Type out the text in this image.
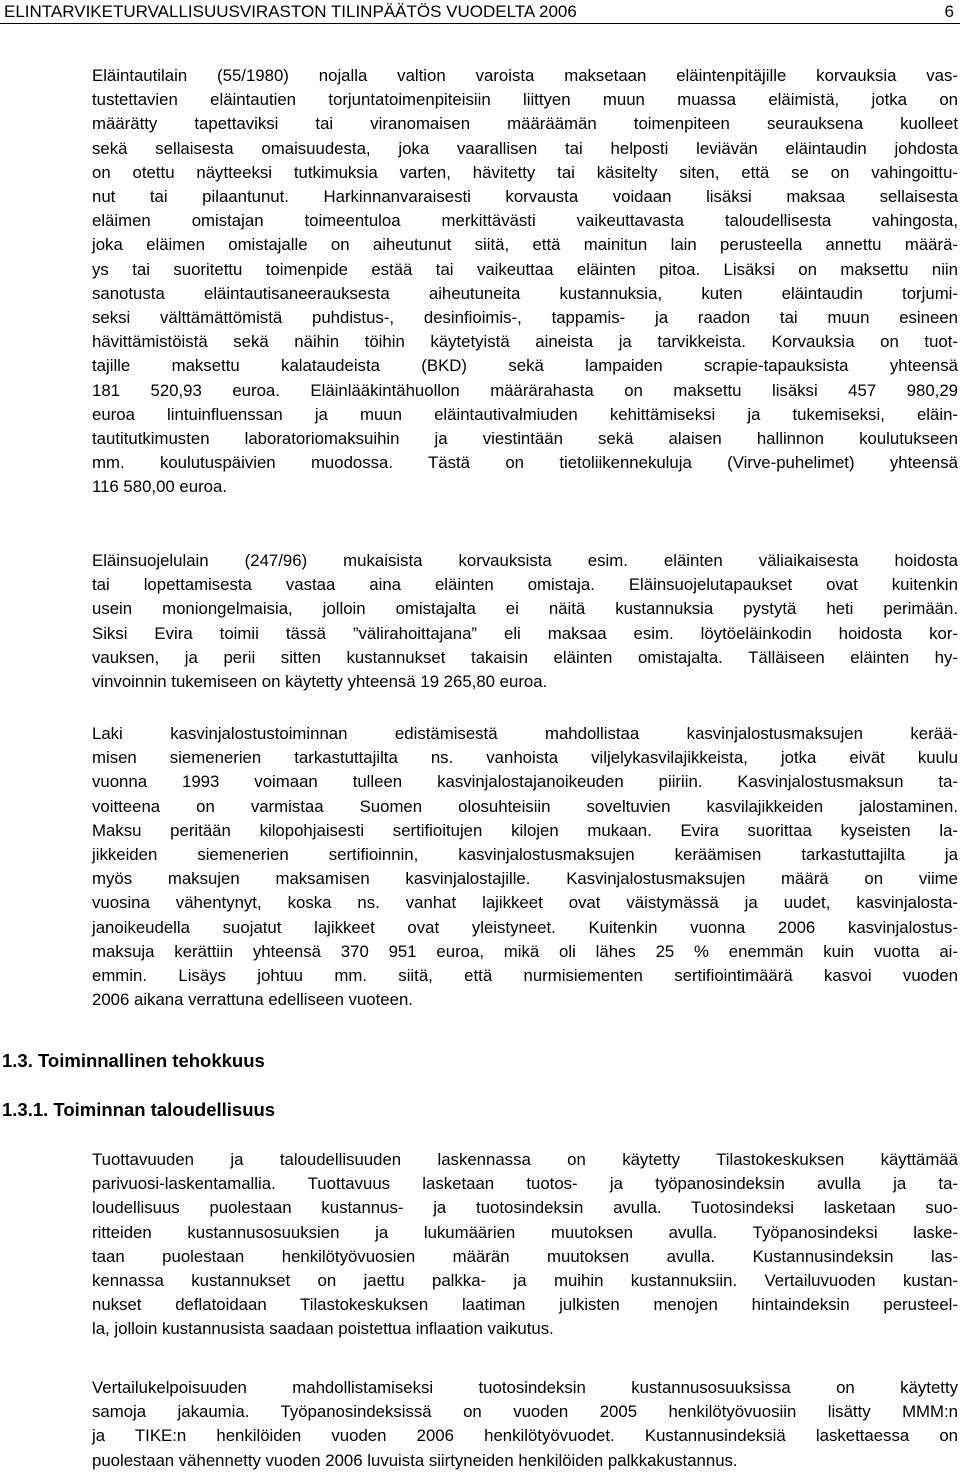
ELINTARVIKETURVALLISUUSVIRASTON TILINPÄÄTÖS VUODELTA 2006	6
Eläintautilain (55/1980) nojalla valtion varoista maksetaan eläintenpitäjille korvauksia vas-
tustettavien eläintautien torjuntatoimenpiteisiin liittyen muun muassa eläimistä, jotka on
määrätty tapettaviksi tai viranomaisen määräämän toimenpiteen seurauksena kuolleet
sekä sellaisesta omaisuudesta, joka vaarallisen tai helposti leviävän eläintaudin johdosta
on otettu näytteeksi tutkimuksia varten, hävitetty tai käsitelty siten, että se on vahingoittu-
nut tai pilaantunut. Harkinnanvaraisesti korvausta voidaan lisäksi maksaa sellaisesta
eläimen omistajan toimeentuloa merkittävästi vaikeuttavasta taloudellisesta vahingosta,
joka eläimen omistajalle on aiheutunut siitä, että mainitun lain perusteella annettu määrä-
ys tai suoritettu toimenpide estää tai vaikeuttaa eläinten pitoa. Lisäksi on maksettu niin
sanotusta eläintautisaneerauksesta aiheutuneita kustannuksia, kuten eläintaudin torjumi-
seksi välttämättömistä puhdistus-, desinfioimis-, tappamis- ja raadon tai muun esineen
hävittämistöistä sekä näihin töihin käytetyistä aineista ja tarvikkeista. Korvauksia on tuot-
tajille maksettu kalataudeista (BKD) sekä lampaiden scrapie-tapauksista yhteensä
181 520,93 euroa. Eläinlääkintähuollon määrärahasta on maksettu lisäksi 457 980,29
euroa lintuinfluenssan ja muun eläintautivalmiuden kehittämiseksi ja tukemiseksi, eläin-
tautitutkimusten laboratoriomaksuihin ja viestintään sekä alaisen hallinnon koulutukseen
mm. koulutuspäivien muodossa. Tästä on tietoliikennekuluja (Virve-puhelimet) yhteensä
116 580,00 euroa.
Eläinsuojelulain (247/96) mukaisista korvauksista esim. eläinten väliaikaisesta hoidosta
tai lopettamisesta vastaa aina eläinten omistaja. Eläinsuojelutapaukset ovat kuitenkin
usein moniongelmaisia, jolloin omistajalta ei näitä kustannuksia pystytä heti perimään.
Siksi Evira toimii tässä ”välirahoittajana” eli maksaa esim. löytöeläinkodin hoidosta kor-
vauksen, ja perii sitten kustannukset takaisin eläinten omistajalta. Tälläiseen eläinten hy-
vinvoinnin tukemiseen on käytetty yhteensä 19 265,80 euroa.
Laki kasvinjalostustoiminnan edistämisestä mahdollistaa kasvinjalostusmaksujen kerää-
misen siemenerien tarkastuttajilta ns. vanhoista viljelykasvilajikkeista, jotka eivät kuulu
vuonna 1993 voimaan tulleen kasvinjalostajanoikeuden piiriin. Kasvinjalostusmaksun ta-
voitteena on varmistaa Suomen olosuhteisiin soveltuvien kasvilajikkeiden jalostaminen.
Maksu peritään kilopohjaisesti sertifioitujen kilojen mukaan. Evira suorittaa kyseisten la-
jikkeiden siemenerien sertifioinnin, kasvinjalostusmaksujen keräämisen tarkastuttajilta ja
myös maksujen maksamisen kasvinjalostajille. Kasvinjalostusmaksujen määrä on viime
vuosina vähentynyt, koska ns. vanhat lajikkeet ovat väistymässä ja uudet, kasvinjalosta-
janoikeudella suojatut lajikkeet ovat yleistyneet. Kuitenkin vuonna 2006 kasvinjalostus-
maksuja kerättiin yhteensä 370 951 euroa, mikä oli lähes 25 % enemmän kuin vuotta ai-
emmin. Lisäys johtuu mm. siitä, että nurmisiementen sertifiointimäärä kasvoi vuoden
2006 aikana verrattuna edelliseen vuoteen.
1.3. Toiminnallinen tehokkuus
1.3.1. Toiminnan taloudellisuus
Tuottavuuden ja taloudellisuuden laskennassa on käytetty Tilastokeskuksen käyttämää
parivuosi-laskentamallia. Tuottavuus lasketaan tuotos- ja työpanosindeksin avulla ja ta-
loudellisuus puolestaan kustannus- ja tuotosindeksin avulla. Tuotosindeksi lasketaan suo-
ritteiden kustannusosuuksien ja lukumäärien muutoksen avulla. Työpanosindeksi laske-
taan puolestaan henkilötyövuosien määrän muutoksen avulla. Kustannusindeksin las-
kennassa kustannukset on jaettu palkka- ja muihin kustannuksiin. Vertailuvuoden kustan-
nukset deflatoidaan Tilastokeskuksen laatiman julkisten menojen hintaindeksin perusteel-
la, jolloin kustannusista saadaan poistettua inflaation vaikutus.
Vertailukelpoisuuden mahdollistamiseksi tuotosindeksin kustannusosuuksissa on käytetty
samoja jakaumia. Työpanosindeksissä on vuoden 2005 henkilötyövuosiin lisätty MMM:n
ja TIKE:n henkilöiden vuoden 2006 henkilötyövuodet. Kustannusindeksiä laskettaessa on
puolestaan vähennetty vuoden 2006 luvuista siirtyneiden henkilöiden palkkakustannus.
